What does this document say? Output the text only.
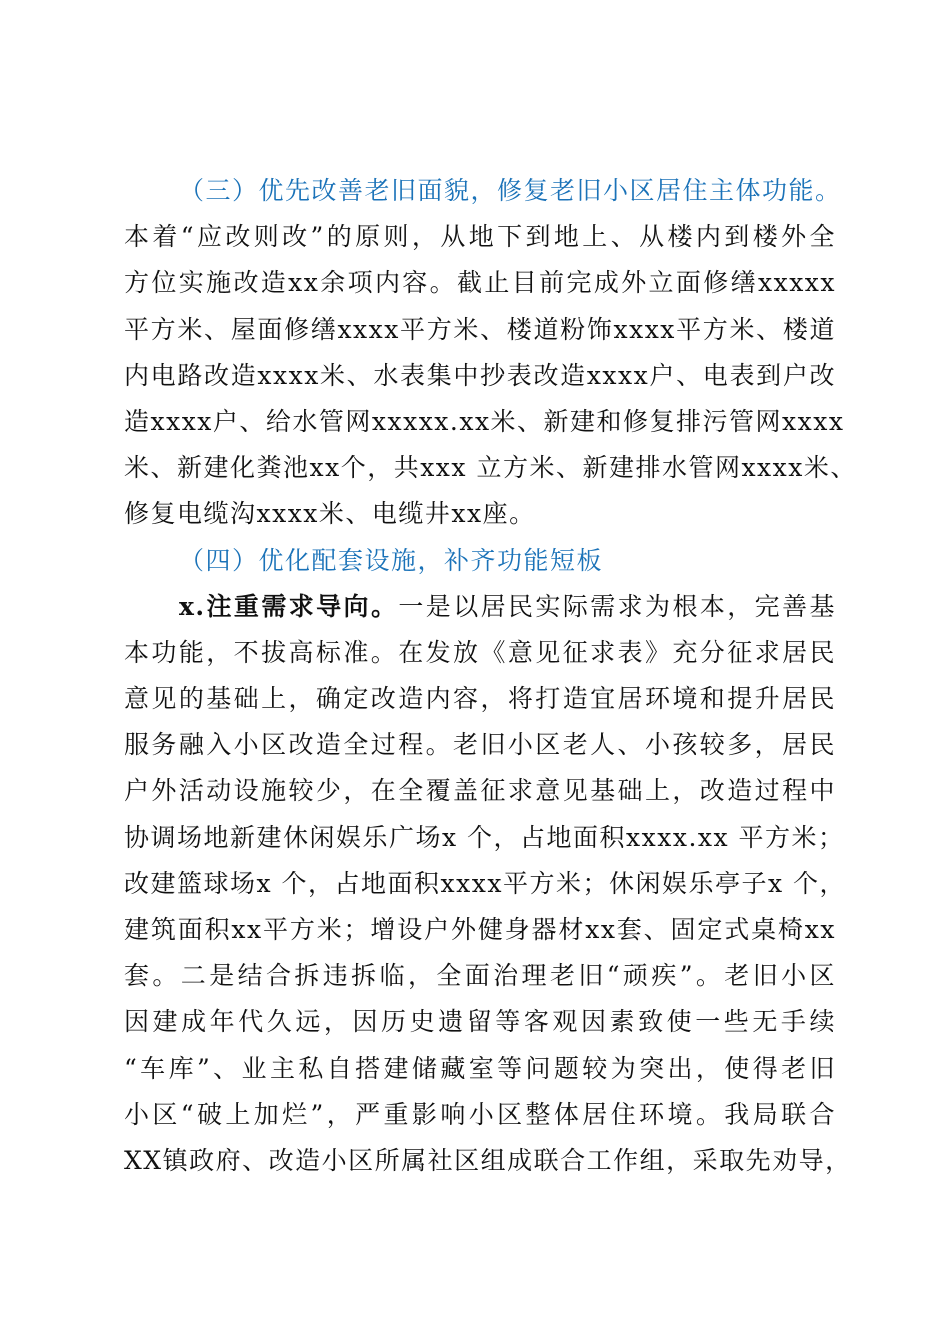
（三）优先改善老旧面貌，修复老旧小区居住主体功能。
本着“应改则改”的原则，从地下到地上、从楼内到楼外全
方位实施改造xx余项内容。截止目前完成外立面修缮xxxxx
平方米、屋面修缮xxxx平方米、楼道粉饰xxxx平方米、楼道
内电路改造xxxx米、水表集中抄表改造xxxx户、电表到户改
造xxxx户、给水管网xxxxx.xx米、新建和修复排污管网xxxx
米、新建化粪池xx个，共xxx 立方米、新建排水管网xxxx米、
修复电缆沟xxxx米、电缆井xx座。
（四）优化配套设施，补齐功能短板
x.注重需求导向。一是以居民实际需求为根本，完善基
本功能，不拔高标准。在发放《意见征求表》充分征求居民
意见的基础上，确定改造内容，将打造宜居环境和提升居民
服务融入小区改造全过程。老旧小区老人、小孩较多，居民
户外活动设施较少，在全覆盖征求意见基础上，改造过程中
协调场地新建休闲娱乐广场x 个，占地面积xxxx.xx 平方米；
改建篮球场x 个，占地面积xxxx平方米；休闲娱乐亭子x 个，
建筑面积xx平方米；增设户外健身器材xx套、固定式桌椅xx
套。二是结合拆违拆临，全面治理老旧“顽疾”。老旧小区
因建成年代久远，因历史遗留等客观因素致使一些无手续
“车库”、业主私自搭建储藏室等问题较为突出，使得老旧
小区“破上加烂”，严重影响小区整体居住环境。我局联合
XX镇政府、改造小区所属社区组成联合工作组，采取先劝导，
